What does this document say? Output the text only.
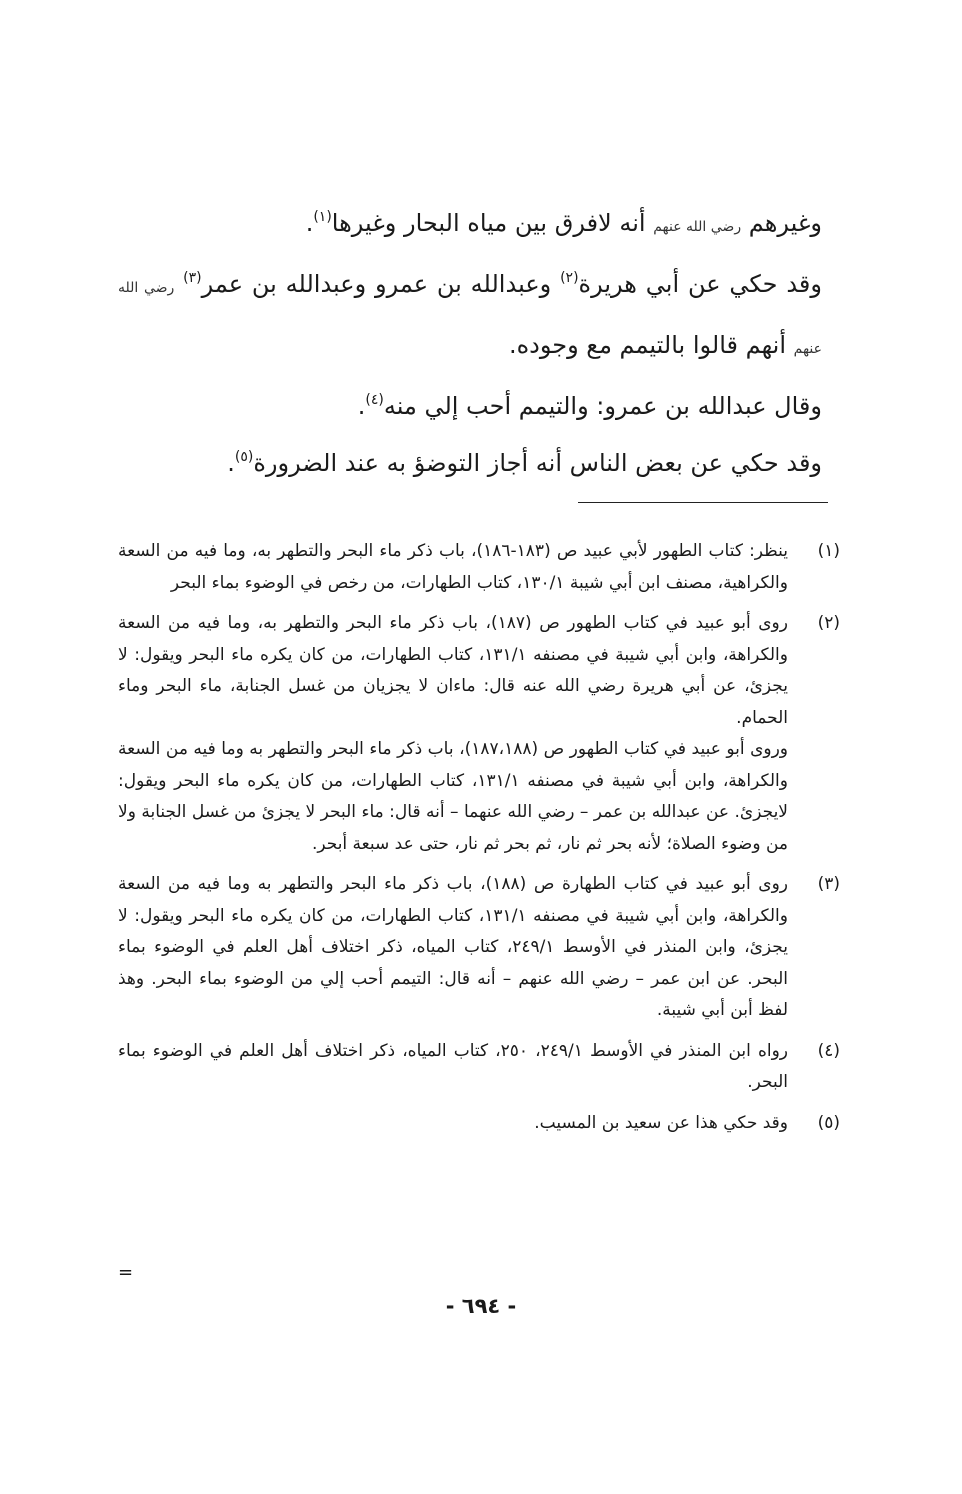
وغيرهم رضي الله عنهم أنه لافرق بين مياه البحار وغيرها$^{(١)}$.

وقد حكي عن أبي هريرة$^{(٢)}$ وعبدالله بن عمرو وعبدالله بن عمر$^{(٣)}$ رضي الله عنهم أنهم قالوا بالتيمم مع وجوده.

وقال عبدالله بن عمرو: والتيمم أحب إلي منه$^{(٤)}$.

وقد حكي عن بعض الناس أنه أجاز التوضؤ به عند الضرورة$^{(٥)}$.

(١)

ينظر: كتاب الطهور لأبي عبيد ص (١٨٣-١٨٦)، باب ذكر ماء البحر والتطهر به، وما فيه من السعة والكراهية، مصنف ابن أبي شيبة ١٣٠/١، كتاب الطهارات، من رخص في الوضوء بماء البحر

(٢)

روى أبو عبيد في كتاب الطهور ص (١٨٧)، باب ذكر ماء البحر والتطهر به، وما فيه من السعة والكراهة، وابن أبي شيبة في مصنفه ١٣١/١، كتاب الطهارات، من كان يكره ماء البحر ويقول: لا يجزئ، عن أبي هريرة رضي الله عنه قال: ماءان لا يجزيان من غسل الجنابة، ماء البحر وماء الحمام.

وروى أبو عبيد في كتاب الطهور ص (١٨٧،١٨٨)، باب ذكر ماء البحر والتطهر به وما فيه من السعة والكراهة، وابن أبي شيبة في مصنفه ١٣١/١، كتاب الطهارات، من كان يكره ماء البحر ويقول: لايجزئ. عن عبدالله بن عمر – رضي الله عنهما – أنه قال: ماء البحر لا يجزئ من غسل الجنابة ولا من وضوء الصلاة؛ لأنه بحر ثم نار، ثم بحر ثم نار، حتى عد سبعة أبحر.

(٣)

روى أبو عبيد في كتاب الطهارة ص (١٨٨)، باب ذكر ماء البحر والتطهر به وما فيه من السعة والكراهة، وابن أبي شيبة في مصنفه ١٣١/١، كتاب الطهارات، من كان يكره ماء البحر ويقول: لا يجزئ، وابن المنذر في الأوسط ٢٤٩/١، كتاب المياه، ذكر اختلاف أهل العلم في الوضوء بماء البحر. عن ابن عمر – رضي الله عنهم – أنه قال: التيمم أحب إلي من الوضوء بماء البحر. وهذ لفظ أبن أبي شيبة.

(٤)

رواه ابن المنذر في الأوسط ٢٤٩/١، ٢٥٠، كتاب المياه، ذكر اختلاف أهل العلم في الوضوء بماء البحر.

(٥)

وقد حكي هذا عن سعيد بن المسيب.

=
- ٦٩٤ -
